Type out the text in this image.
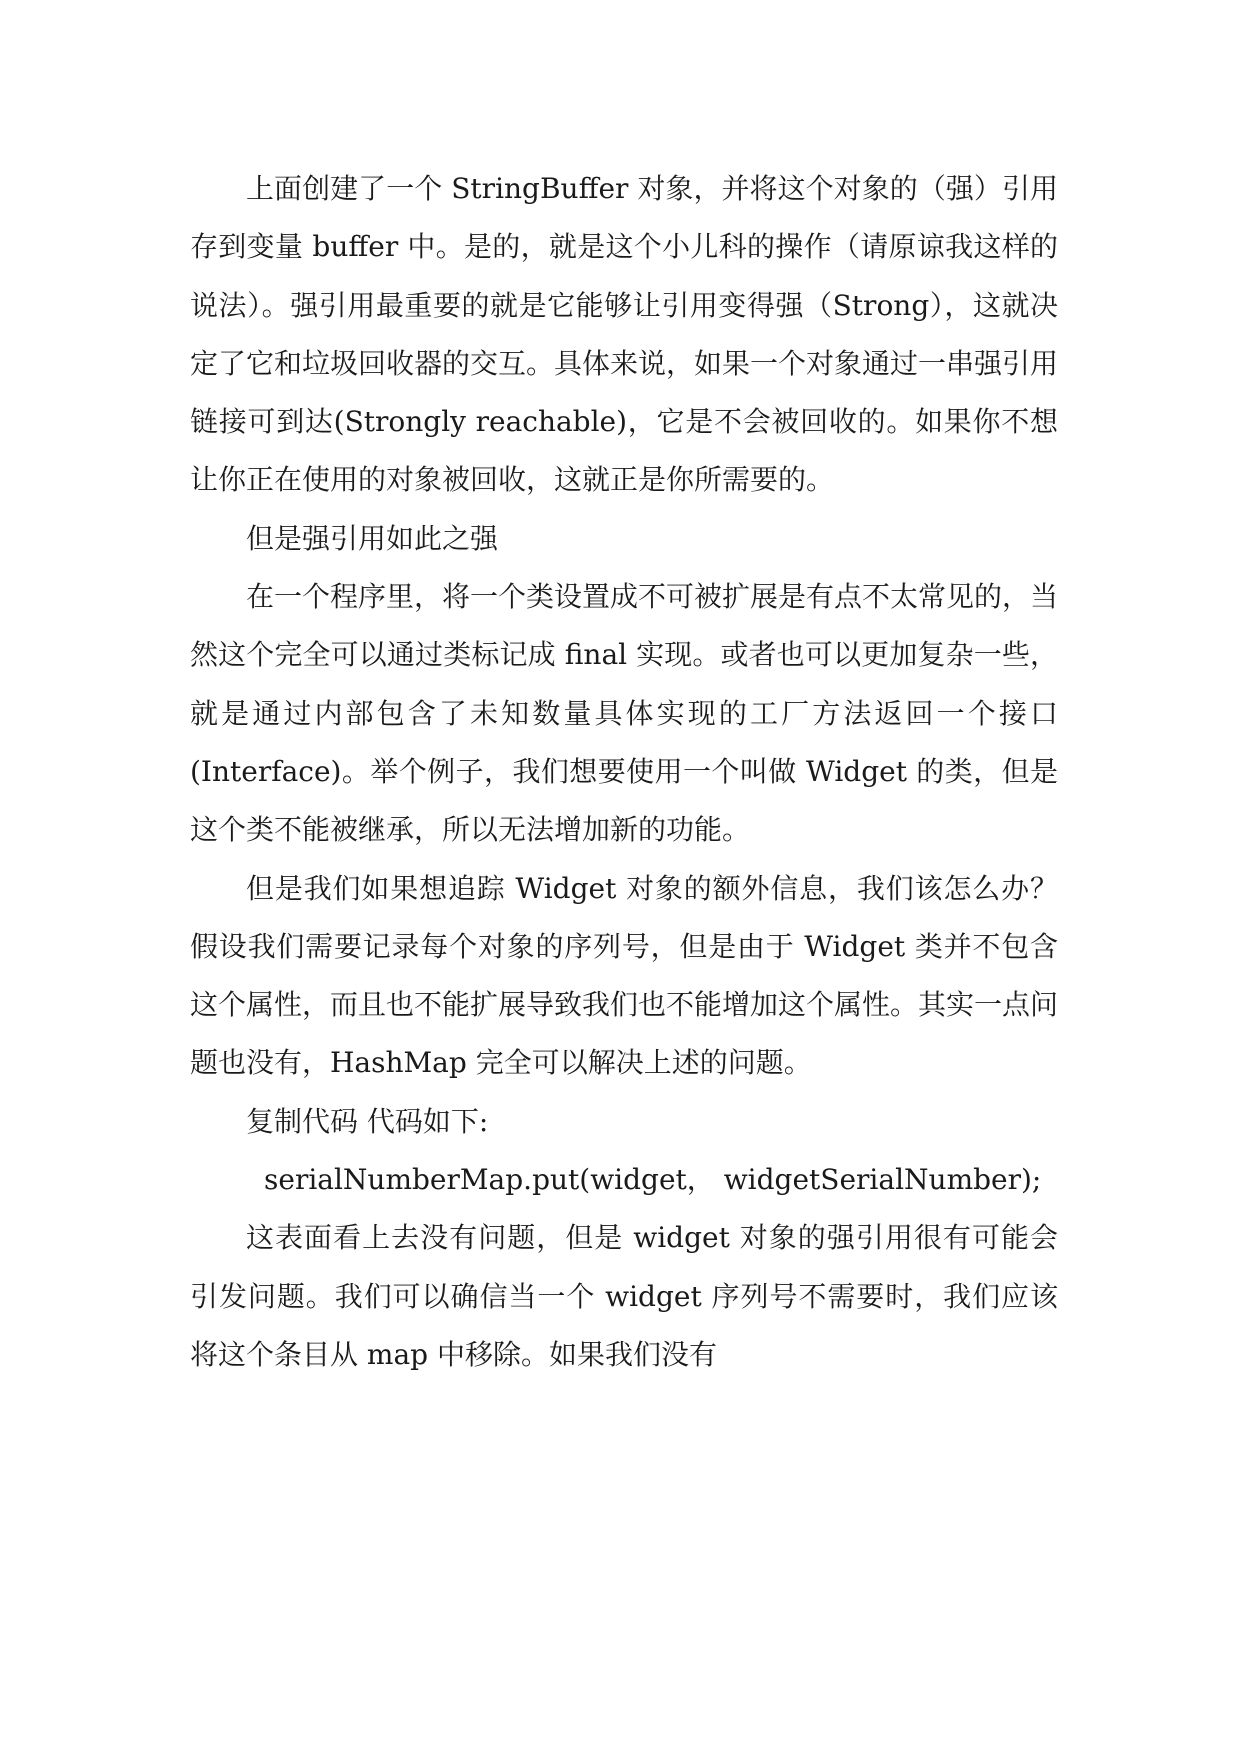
上面创建了一个 StringBuffer 对象，并将这个对象的（强）引用存到变量 buffer 中。是的，就是这个小儿科的操作（请原谅我这样的说法）。强引用最重要的就是它能够让引用变得强（Strong），这就决定了它和垃圾回收器的交互。具体来说，如果一个对象通过一串强引用链接可到达(Strongly reachable)，它是不会被回收的。如果你不想让你正在使用的对象被回收，这就正是你所需要的。

但是强引用如此之强

在一个程序里，将一个类设置成不可被扩展是有点不太常见的，当然这个完全可以通过类标记成 final 实现。或者也可以更加复杂一些，就是通过内部包含了未知数量具体实现的工厂方法返回一个接口(Interface)。举个例子，我们想要使用一个叫做 Widget 的类，但是这个类不能被继承，所以无法增加新的功能。

但是我们如果想追踪 Widget 对象的额外信息，我们该怎么办？ 假设我们需要记录每个对象的序列号，但是由于 Widget 类并不包含这个属性，而且也不能扩展导致我们也不能增加这个属性。其实一点问题也没有，HashMap 完全可以解决上述的问题。

复制代码 代码如下:

serialNumberMap.put(widget， widgetSerialNumber);

这表面看上去没有问题，但是 widget 对象的强引用很有可能会引发问题。我们可以确信当一个 widget 序列号不需要时，我们应该将这个条目从 map 中移除。如果我们没有
